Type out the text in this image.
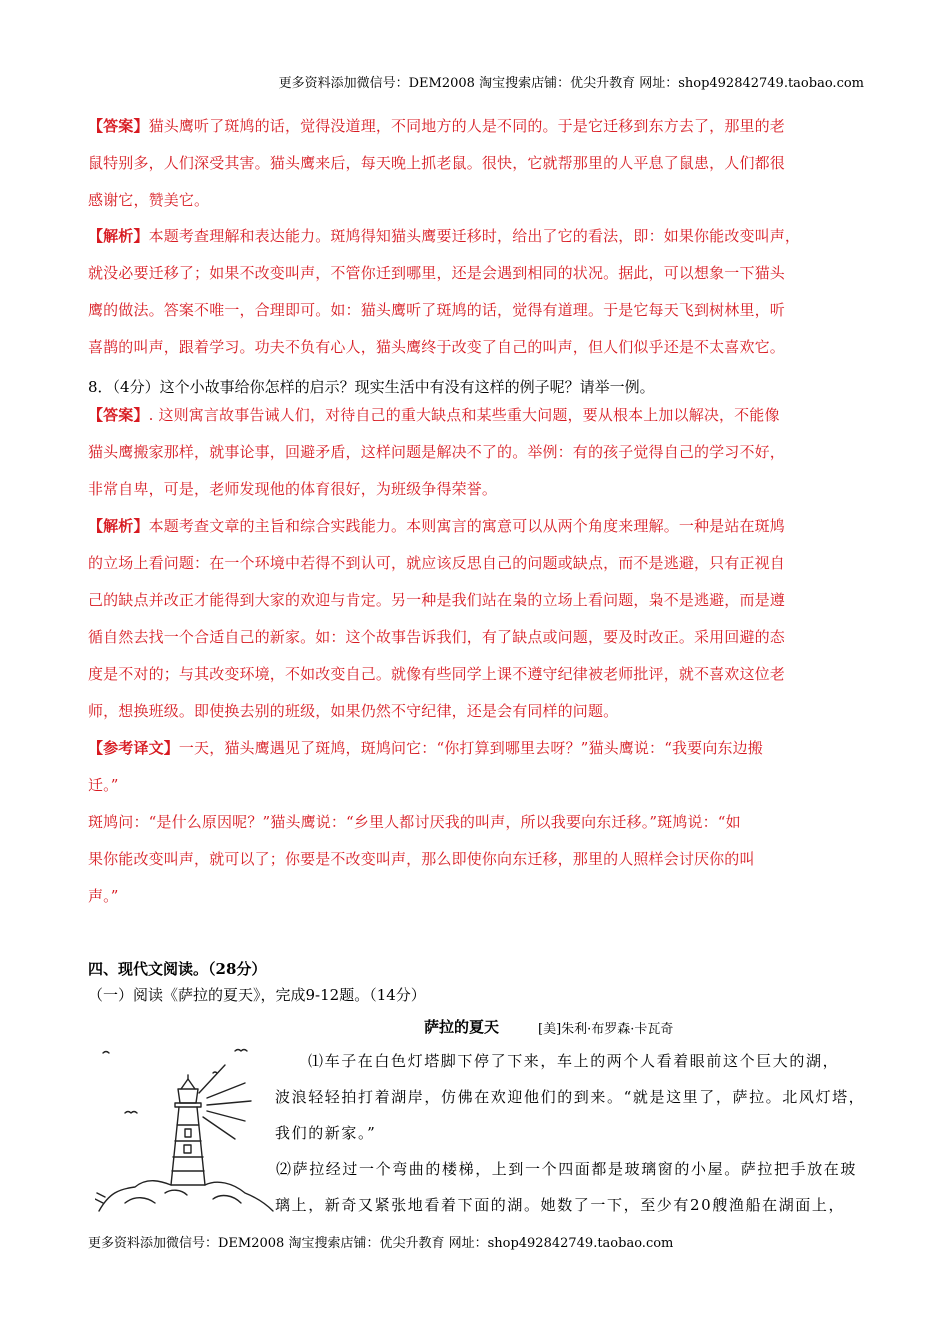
更多资料添加微信号：DEM2008 淘宝搜索店铺：优尖升教育 网址：shop492842749.taobao.com

【答案】猫头鹰听了斑鸠的话，觉得没道理，不同地方的人是不同的。于是它迁移到东方去了，那里的老

鼠特别多，人们深受其害。猫头鹰来后，每天晚上抓老鼠。很快，它就帮那里的人平息了鼠患，人们都很

感谢它，赞美它。

【解析】本题考查理解和表达能力。斑鸠得知猫头鹰要迁移时，给出了它的看法，即：如果你能改变叫声，

就没必要迁移了；如果不改变叫声，不管你迁到哪里，还是会遇到相同的状况。据此，可以想象一下猫头

鹰的做法。答案不唯一，合理即可。如：猫头鹰听了斑鸠的话，觉得有道理。于是它每天飞到树林里，听

喜鹊的叫声，跟着学习。功夫不负有心人，猫头鹰终于改变了自己的叫声，但人们似乎还是不太喜欢它。

8．（4分）这个小故事给你怎样的启示？现实生活中有没有这样的例子呢？请举一例。

【答案】. 这则寓言故事告诫人们，对待自己的重大缺点和某些重大问题，要从根本上加以解决，不能像

猫头鹰搬家那样，就事论事，回避矛盾，这样问题是解决不了的。举例：有的孩子觉得自己的学习不好，

非常自卑，可是，老师发现他的体育很好，为班级争得荣誉。

【解析】本题考查文章的主旨和综合实践能力。本则寓言的寓意可以从两个角度来理解。一种是站在斑鸠

的立场上看问题：在一个环境中若得不到认可，就应该反思自己的问题或缺点，而不是逃避，只有正视自

己的缺点并改正才能得到大家的欢迎与肯定。另一种是我们站在枭的立场上看问题，枭不是逃避，而是遵

循自然去找一个合适自己的新家。如：这个故事告诉我们，有了缺点或问题，要及时改正。采用回避的态

度是不对的；与其改变环境，不如改变自己。就像有些同学上课不遵守纪律被老师批评，就不喜欢这位老

师，想换班级。即使换去别的班级，如果仍然不守纪律，还是会有同样的问题。

【参考译文】一天，猫头鹰遇见了斑鸠，斑鸠问它：“你打算到哪里去呀？”猫头鹰说：“我要向东边搬

迁。”

斑鸠问：“是什么原因呢？”猫头鹰说：“乡里人都讨厌我的叫声，所以我要向东迁移。”斑鸠说：“如

果你能改变叫声，就可以了；你要是不改变叫声，那么即使你向东迁移，那里的人照样会讨厌你的叫

声。”

四、现代文阅读。（28分）
（一）阅读《萨拉的夏天》，完成9-12题。（14分）
萨拉的夏天	[美]朱利·布罗森·卡瓦奇

⑴车子在白色灯塔脚下停了下来，车上的两个人看着眼前这个巨大的湖，

波浪轻轻拍打着湖岸，仿佛在欢迎他们的到来。“就是这里了，萨拉。北风灯塔，

我们的新家。”

⑵萨拉经过一个弯曲的楼梯，上到一个四面都是玻璃窗的小屋。萨拉把手放在玻

璃上，新奇又紧张地看着下面的湖。她数了一下，至少有20艘渔船在湖面上，

更多资料添加微信号：DEM2008 淘宝搜索店铺：优尖升教育 网址：shop492842749.taobao.com
